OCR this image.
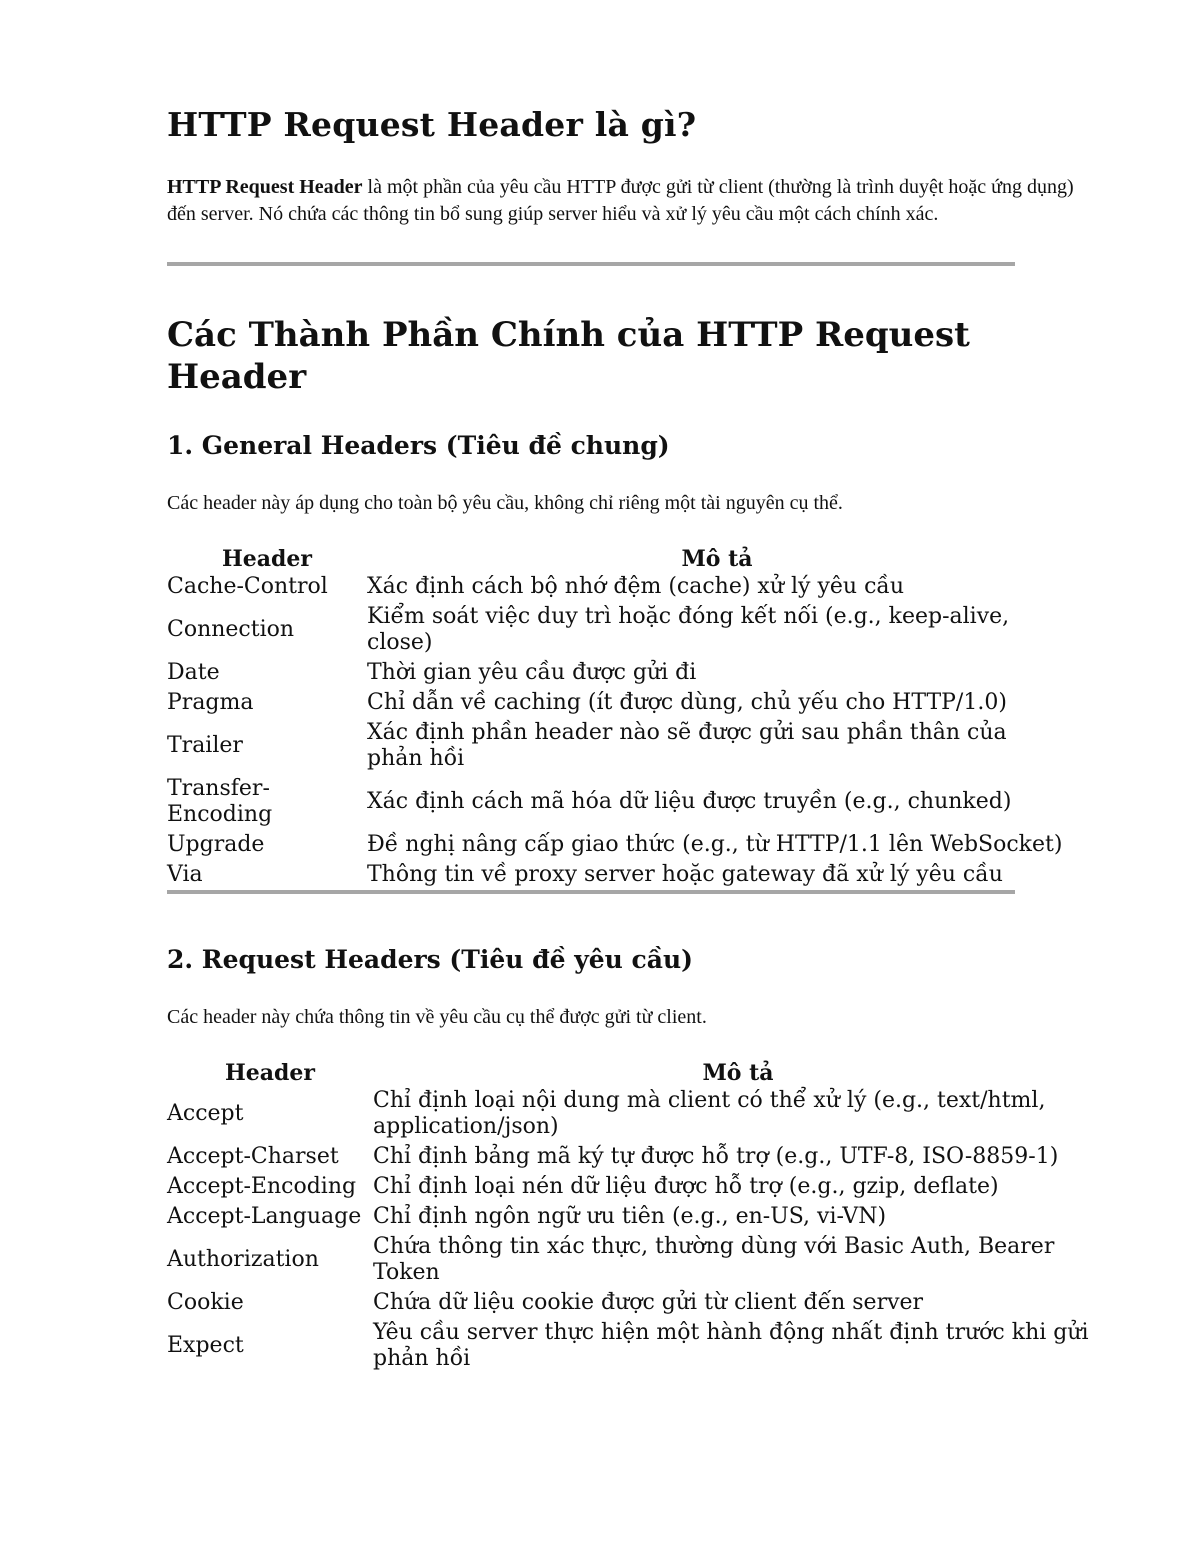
HTTP Request Header là gì?

HTTP Request Header là một phần của yêu cầu HTTP được gửi từ client (thường là trình duyệt hoặc ứng dụng) đến server. Nó chứa các thông tin bổ sung giúp server hiểu và xử lý yêu cầu một cách chính xác.

Các Thành Phần Chính của HTTP Request Header
1. General Headers (Tiêu đề chung)

Các header này áp dụng cho toàn bộ yêu cầu, không chỉ riêng một tài nguyên cụ thể.

Header	Mô tả
Cache-Control	Xác định cách bộ nhớ đệm (cache) xử lý yêu cầu
Connection	Kiểm soát việc duy trì hoặc đóng kết nối (e.g., keep-alive, close)
Date	Thời gian yêu cầu được gửi đi
Pragma	Chỉ dẫn về caching (ít được dùng, chủ yếu cho HTTP/1.0)
Trailer	Xác định phần header nào sẽ được gửi sau phần thân của phản hồi
Transfer-Encoding	Xác định cách mã hóa dữ liệu được truyền (e.g., chunked)
Upgrade	Đề nghị nâng cấp giao thức (e.g., từ HTTP/1.1 lên WebSocket)
Via	Thông tin về proxy server hoặc gateway đã xử lý yêu cầu
2. Request Headers (Tiêu đề yêu cầu)

Các header này chứa thông tin về yêu cầu cụ thể được gửi từ client.

Header	Mô tả
Accept	Chỉ định loại nội dung mà client có thể xử lý (e.g., text/html, application/json)
Accept-Charset	Chỉ định bảng mã ký tự được hỗ trợ (e.g., UTF-8, ISO-8859-1)
Accept-Encoding	Chỉ định loại nén dữ liệu được hỗ trợ (e.g., gzip, deflate)
Accept-Language	Chỉ định ngôn ngữ ưu tiên (e.g., en-US, vi-VN)
Authorization	Chứa thông tin xác thực, thường dùng với Basic Auth, Bearer Token
Cookie	Chứa dữ liệu cookie được gửi từ client đến server
Expect	Yêu cầu server thực hiện một hành động nhất định trước khi gửi phản hồi
